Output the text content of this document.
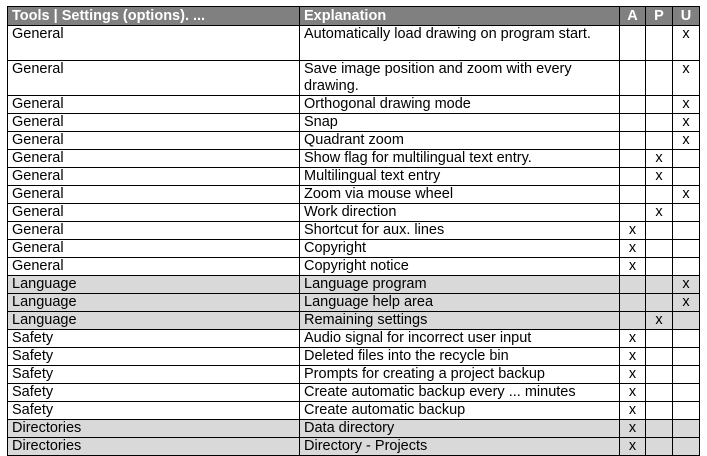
Tools | Settings (options). ...	Explanation	A	P	U
General	Automatically load drawing on program start.			x
General	Save image position and zoom with every drawing.			x
General	Orthogonal drawing mode			x
General	Snap			x
General	Quadrant zoom			x
General	Show flag for multilingual text entry.		x	
General	Multilingual text entry		x	
General	Zoom via mouse wheel			x
General	Work direction		x	
General	Shortcut for aux. lines	x		
General	Copyright	x		
General	Copyright notice	x		
Language	Language program			x
Language	Language help area			x
Language	Remaining settings		x	
Safety	Audio signal for incorrect user input	x		
Safety	Deleted files into the recycle bin	x		
Safety	Prompts for creating a project backup	x		
Safety	Create automatic backup every ... minutes	x		
Safety	Create automatic backup	x		
Directories	Data directory	x		
Directories	Directory - Projects	x		
